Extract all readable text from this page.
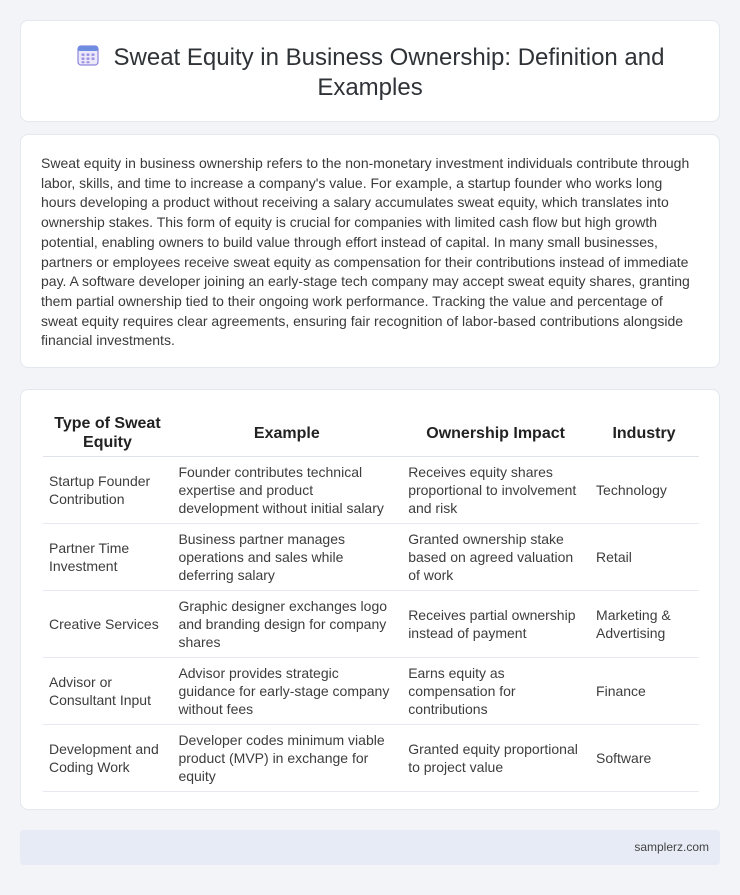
Sweat Equity in Business Ownership: Definition and Examples

Sweat equity in business ownership refers to the non-monetary investment individuals contribute through labor, skills, and time to increase a company's value. For example, a startup founder who works long hours developing a product without receiving a salary accumulates sweat equity, which translates into ownership stakes. This form of equity is crucial for companies with limited cash flow but high growth potential, enabling owners to build value through effort instead of capital. In many small businesses, partners or employees receive sweat equity as compensation for their contributions instead of immediate pay. A software developer joining an early-stage tech company may accept sweat equity shares, granting them partial ownership tied to their ongoing work performance. Tracking the value and percentage of sweat equity requires clear agreements, ensuring fair recognition of labor-based contributions alongside financial investments.

Type of Sweat Equity	Example	Ownership Impact	Industry
Startup Founder Contribution	Founder contributes technical expertise and product development without initial salary	Receives equity shares proportional to involvement and risk	Technology
Partner Time Investment	Business partner manages operations and sales while deferring salary	Granted ownership stake based on agreed valuation of work	Retail
Creative Services	Graphic designer exchanges logo and branding design for company shares	Receives partial ownership instead of payment	Marketing & Advertising
Advisor or Consultant Input	Advisor provides strategic guidance for early-stage company without fees	Earns equity as compensation for contributions	Finance
Development and Coding Work	Developer codes minimum viable product (MVP) in exchange for equity	Granted equity proportional to project value	Software
samplerz.com
